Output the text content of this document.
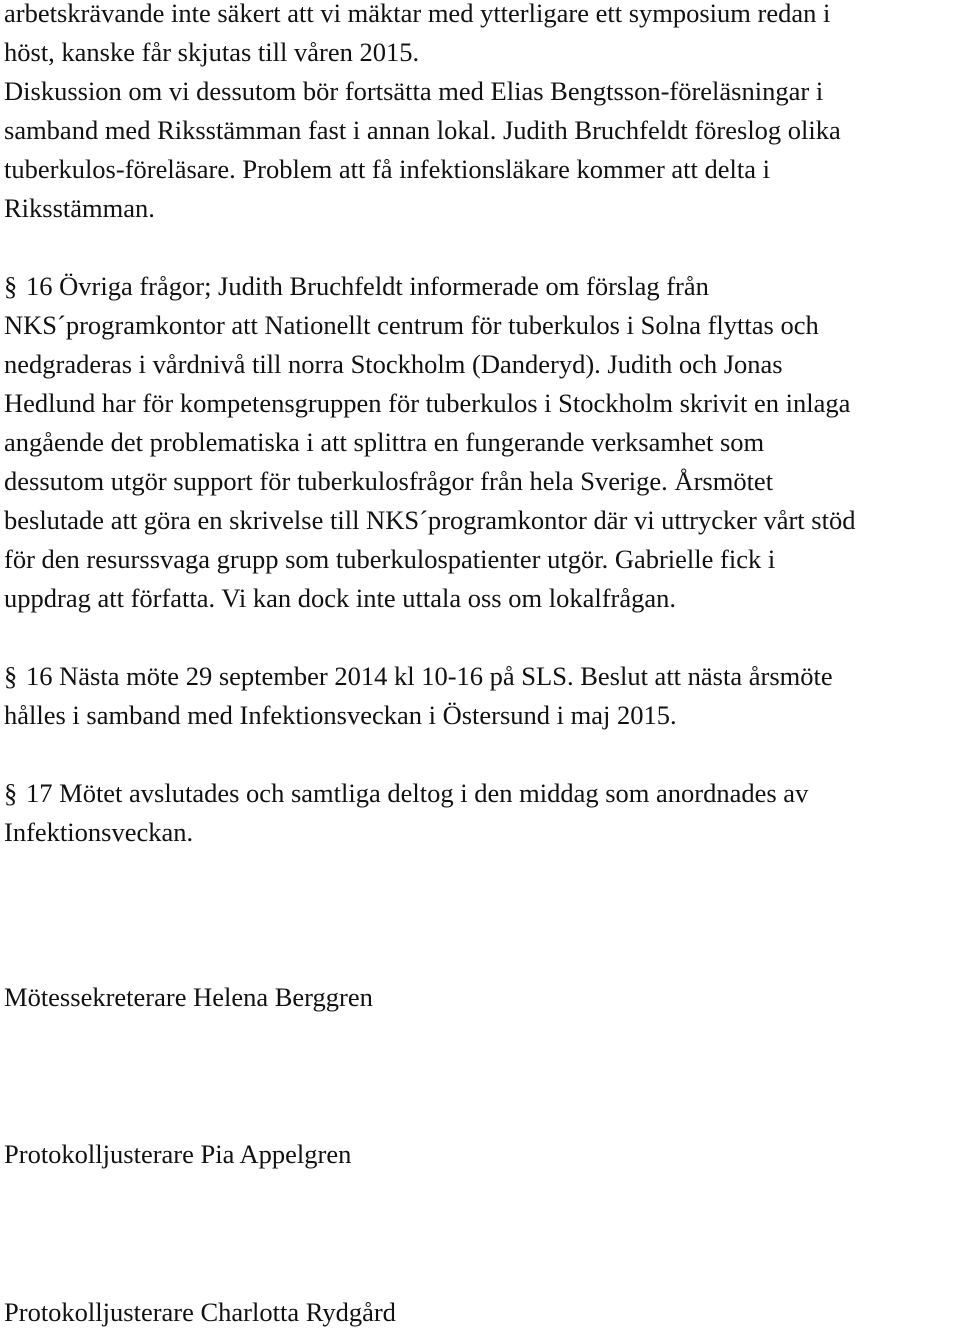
arbetskrävande inte säkert att vi mäktar med ytterligare ett symposium redan i
höst, kanske får skjutas till våren 2015.
Diskussion om vi dessutom bör fortsätta med Elias Bengtsson-föreläsningar i
samband med Riksstämman fast i annan lokal. Judith Bruchfeldt föreslog olika
tuberkulos-föreläsare. Problem att få infektionsläkare kommer att delta i
Riksstämman.

§ 16 Övriga frågor; Judith Bruchfeldt informerade om förslag från
NKS´programkontor att Nationellt centrum för tuberkulos i Solna flyttas och
nedgraderas i vårdnivå till norra Stockholm (Danderyd). Judith och Jonas
Hedlund har för kompetensgruppen för tuberkulos i Stockholm skrivit en inlaga
angående det problematiska i att splittra en fungerande verksamhet som
dessutom utgör support för tuberkulosfrågor från hela Sverige. Årsmötet
beslutade att göra en skrivelse till NKS´programkontor där vi uttrycker vårt stöd
för den resurssvaga grupp som tuberkulospatienter utgör. Gabrielle fick i
uppdrag att författa. Vi kan dock inte uttala oss om lokalfrågan.

§ 16 Nästa möte 29 september 2014 kl 10-16 på SLS. Beslut att nästa årsmöte
hålles i samband med Infektionsveckan i Östersund i maj 2015.

§ 17 Mötet avslutades och samtliga deltog i den middag som anordnades av
Infektionsveckan.

Mötessekreterare Helena Berggren
Protokolljusterare Pia Appelgren
Protokolljusterare Charlotta Rydgård
